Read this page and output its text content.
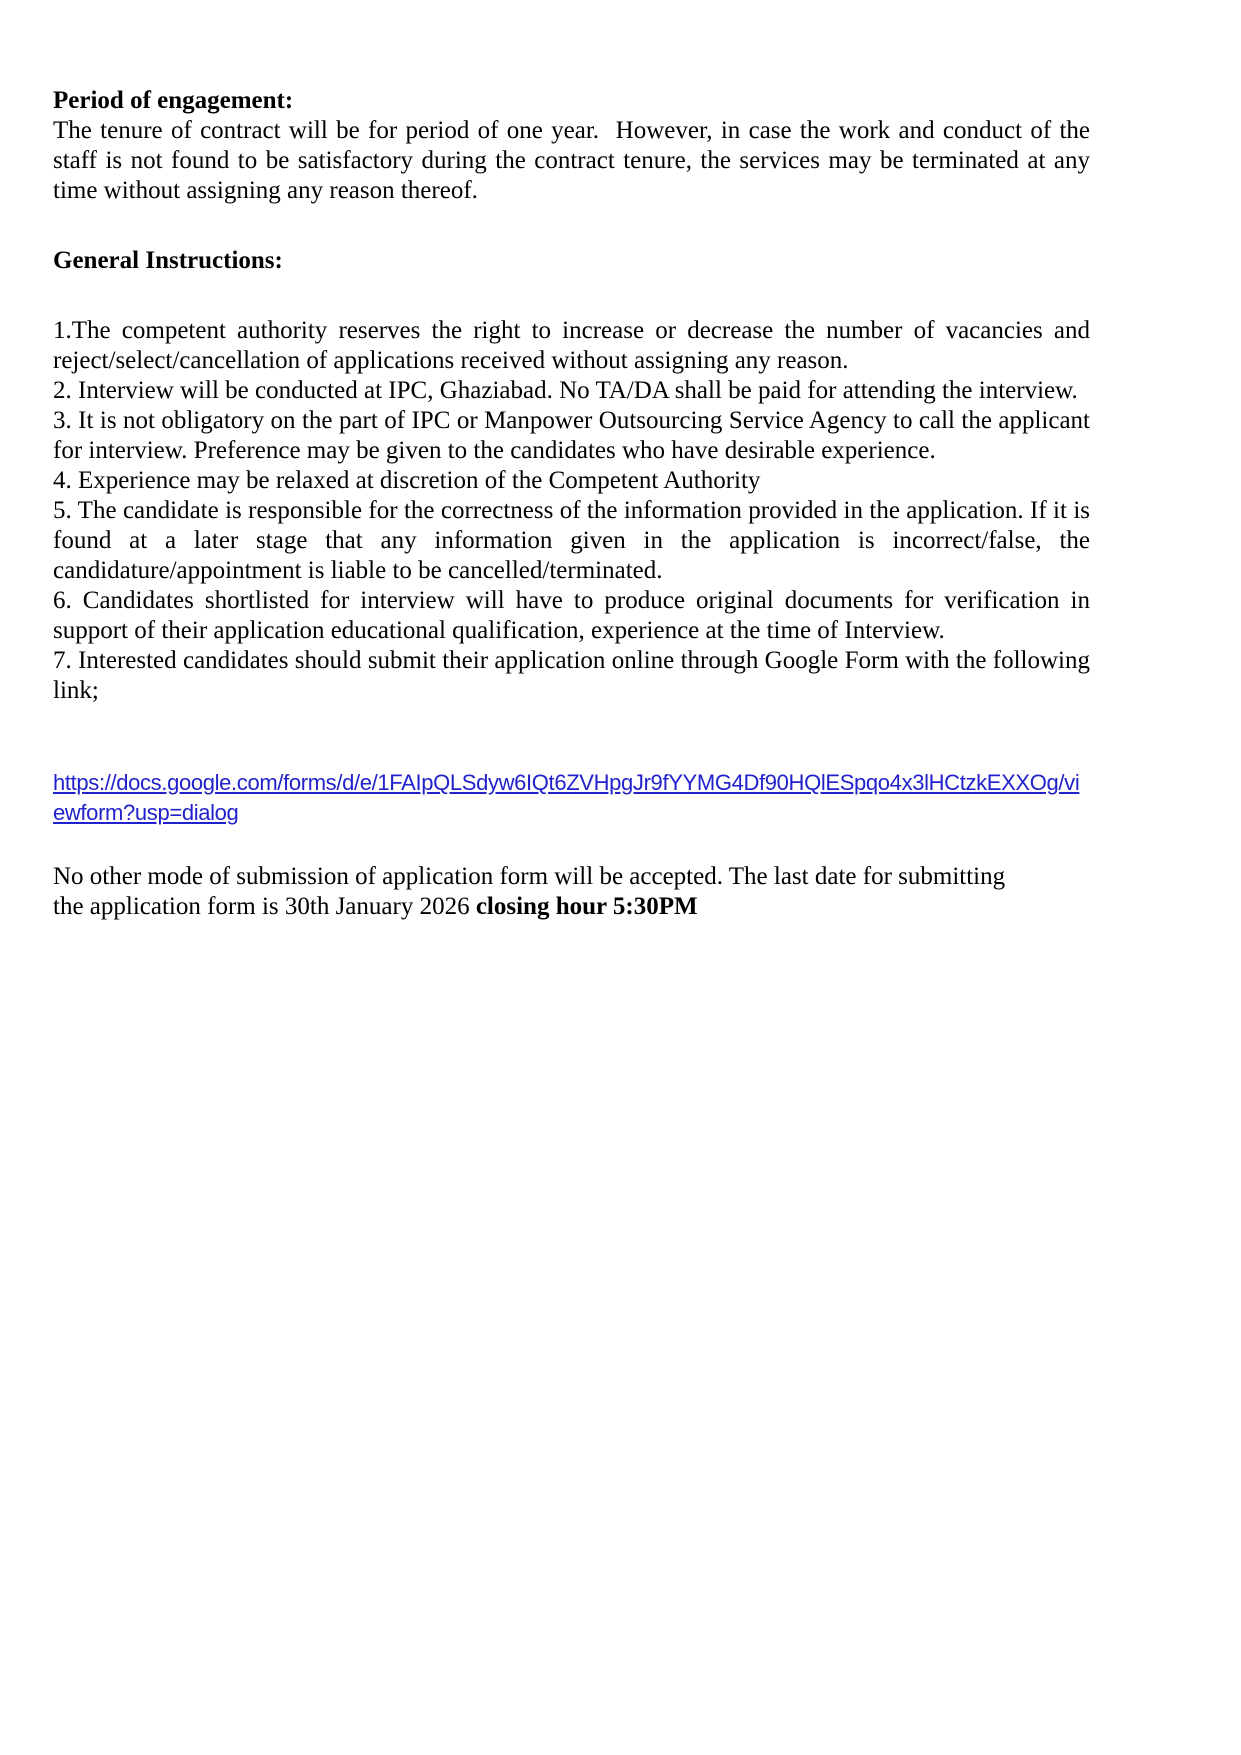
Period of engagement:

The tenure of contract will be for period of one year.  However, in case the work and conduct of the staff is not found to be satisfactory during the contract tenure, the services may be terminated at any time without assigning any reason thereof.

General Instructions:

1.The competent authority reserves the right to increase or decrease the number of vacancies and reject/select/cancellation of applications received without assigning any reason.

2. Interview will be conducted at IPC, Ghaziabad. No TA/DA shall be paid for attending the interview.

3. It is not obligatory on the part of IPC or Manpower Outsourcing Service Agency to call the applicant for interview. Preference may be given to the candidates who have desirable experience.

4. Experience may be relaxed at discretion of the Competent Authority

5. The candidate is responsible for the correctness of the information provided in the application. If it is found at a later stage that any information given in the application is incorrect/false, the candidature/appointment is liable to be cancelled/terminated.

6. Candidates shortlisted for interview will have to produce original documents for verification in support of their application educational qualification, experience at the time of Interview.

7. Interested candidates should submit their application online through Google Form with the following link;

https://docs.google.com/forms/d/e/1FAIpQLSdyw6IQt6ZVHpgJr9fYYMG4Df90HQlESpqo4x3lHCtzkEXXOg/viewform?usp=dialog

No other mode of submission of application form will be accepted. The last date for submitting the application form is 30th January 2026 closing hour 5:30PM
